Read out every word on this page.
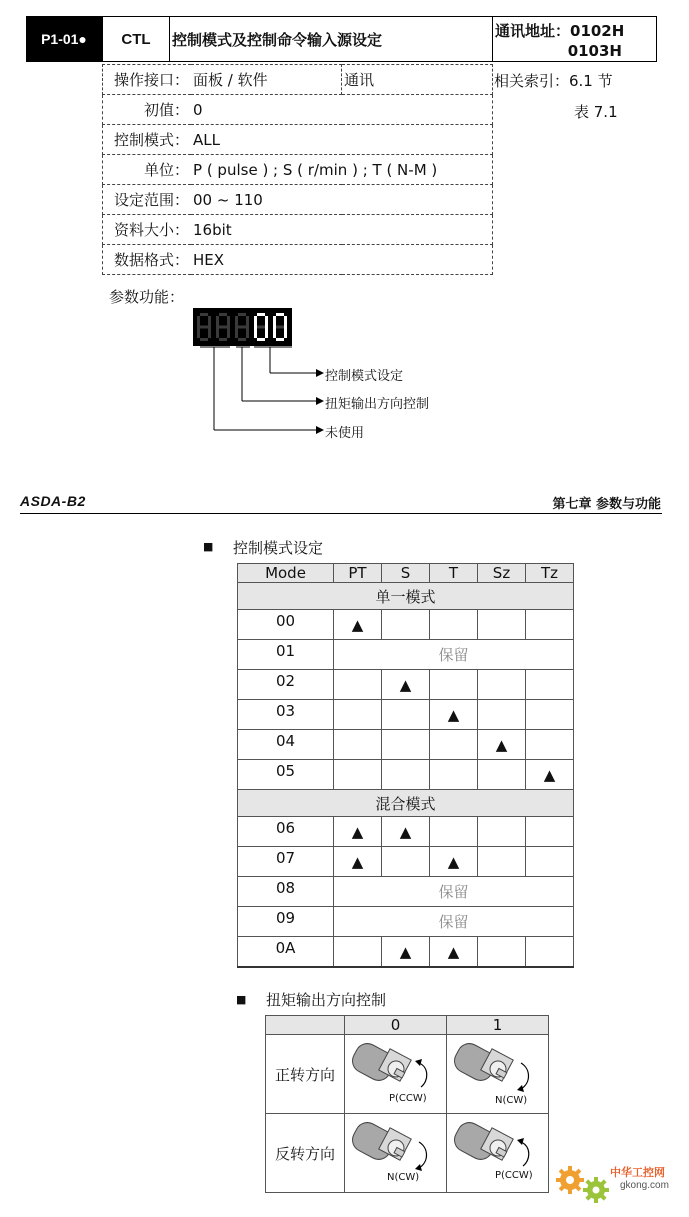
P1-01●	CTL	控制模式及控制命令输入源设定	通讯地址：0102H
0103H
相关索引：6.1 节
表 7.1
操作接口：	面板 / 软件	通讯
初值：	0	
控制模式：	ALL	
单位：	P ( pulse ) ; S ( r/min ) ; T ( N-M )	
设定范围：	00 ~ 110	
资料大小：	16bit	
数据格式：	HEX	
参数功能：
控制模式设定
扭矩输出方向控制
未使用
ASDA-B2	第七章 参数与功能
■ 控制模式设定
Mode	PT	S	T	Sz	Tz
单一模式					
00	▲				
01	保留				
02		▲			
03			▲		
04				▲	
05					▲
混合模式					
06	▲	▲			
07	▲		▲		
08	保留				
09	保留				
0A		▲	▲		
■ 扭矩输出方向控制
	0	1
正转方向	P(CCW)	N(CW)

反转方向	N(CW)	P(CCW)	中华工控网
gkong.com
